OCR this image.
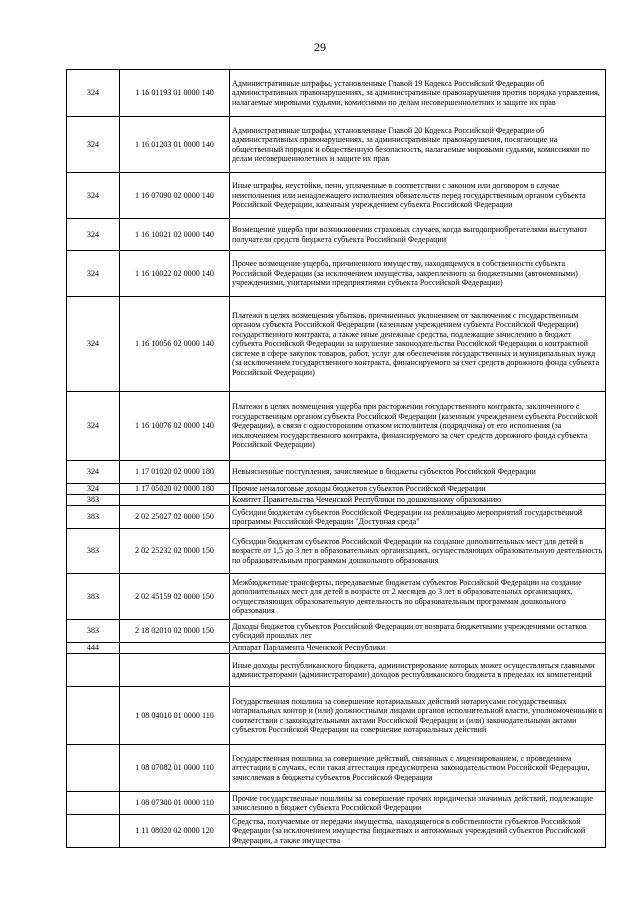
29
324	1 16 01193 01 0000 140	Административные штрафы, установленные Главой 19 Кодекса Российской Федерации об административных правонарушениях, за административные правонарушения против порядка управления, налагаемые мировыми судьями, комиссиями по делам несовершеннолетних и защите их прав
324	1 16 01203 01 0000 140	Административные штрафы, установленные Главой 20 Кодекса Российской Федерации об административных правонарушениях, за административные правонарушения, посягающие на общественный порядок и общественную безопасность, налагаемые мировыми судьями, комиссиями по делам несовершеннолетних и защите их прав
324	1 16 07090 02 0000 140	Иные штрафы, неустойки, пени, уплаченные в соответствии с законом или договором в случае неисполнения или ненадлежащего исполнения обязательств перед государственным органом субъекта Российской Федерации, казенным учреждением субъекта Российской Федерации
324	1 16 10021 02 0000 140	Возмещение ущерба при возникновении страховых случаев, когда выгодоприобретателями выступают получатели средств бюджета субъекта Российской Федерации
324	1 16 10022 02 0000 140	Прочее возмещение ущерба, причиненного имуществу, находящемуся в собственности субъекта Российской Федерации (за исключением имущества, закрепленного за бюджетными (автономными) учреждениями, унитарными предприятиями субъекта Российской Федерации)
324	1 16 10056 02 0000 140	Платежи в целях возмещения убытков, причиненных уклонением от заключения с государственным органом субъекта Российской Федерации (казенным учреждением субъекта Российской Федерации) государственного контракта, а также иные денежные средства, подлежащие зачислению в бюджет субъекта Российской Федерации за нарушение законодательства Российской Федерации о контрактной системе в сфере закупок товаров, работ, услуг для обеспечения государственных и муниципальных нужд (за исключением государственного контракта, финансируемого за счет средств дорожного фонда субъекта Российской Федерации)
324	1 16 10076 02 0000 140	Платежи в целях возмещения ущерба при расторжении государственного контракта, заключенного с государственным органом субъекта Российской Федерации (казенным учреждением субъекта Российской Федерации), в связи с односторонним отказом исполнителя (подрядчика) от его исполнения (за исключением государственного контракта, финансируемого за счет средств дорожного фонда субъекта Российской Федерации)
324	1 17 01020 02 0000 180	Невыясненные поступления, зачисляемые в бюджеты субъектов Российской Федерации
324	1 17 05020 02 0000 180	Прочие неналоговые доходы бюджетов субъектов Российской Федерации
383		Комитет Правительства Чеченской Республики по дошкольному образованию
383	2 02 25027 02 0000 150	Субсидии бюджетам субъектов Российской Федерации на реализацию мероприятий государственной программы Российской Федерации "Доступная среда"
383	2 02 25232 02 0000 150	Субсидии бюджетам субъектов Российской Федерации на создание дополнительных мест для детей в возрасте от 1,5 до 3 лет в образовательных организациях, осуществляющих образовательную деятельность по образовательным программам дошкольного образования
383	2 02 45159 02 0000 150	Межбюджетные трансферты, передаваемые бюджетам субъектов Российской Федерации на создание дополнительных мест для детей в возрасте от 2 месяцев до 3 лет в образовательных организациях, осуществляющих образовательную деятельность по образовательным программам дошкольного образования
383	2 18 02010 02 0000 150	Доходы бюджетов субъектов Российской Федерации от возврата бюджетными учреждениями остатков субсидий прошлых лет
444		Аппарат Парламента Чеченской Республики
		Иные доходы республиканского бюджета, администрирование которых может осуществляться главными администраторами (администраторами) доходов республиканского бюджета в пределах их компетенций
	1 08 04010 01 0000 110	Государственная пошлина за совершение нотариальных действий нотариусами государственных нотариальных контор и (или) должностными лицами органов исполнительной власти, уполномоченными в соответствии с законодательными актами Российской Федерации и (или) законодательными актами субъектов Российской Федерации на совершение нотариальных действий
	1 08 07082 01 0000 110	Государственная пошлина за совершение действий, связанных с лицензированием, с проведением аттестации в случаях, если такая аттестация предусмотрена законодательством Российской Федерации, зачисляемая в бюджеты субъектов Российской Федерации
	1 08 07300 01 0000 110	Прочие государственные пошлины за совершение прочих юридически значимых действий, подлежащие зачислению в бюджет субъекта Российской Федерации
	1 11 08020 02 0000 120	Средства, получаемые от передачи имущества, находящегося в собственности субъектов Российской Федерации (за исключением имущества бюджетных и автономных учреждений субъектов Российской Федерации, а также имущества
